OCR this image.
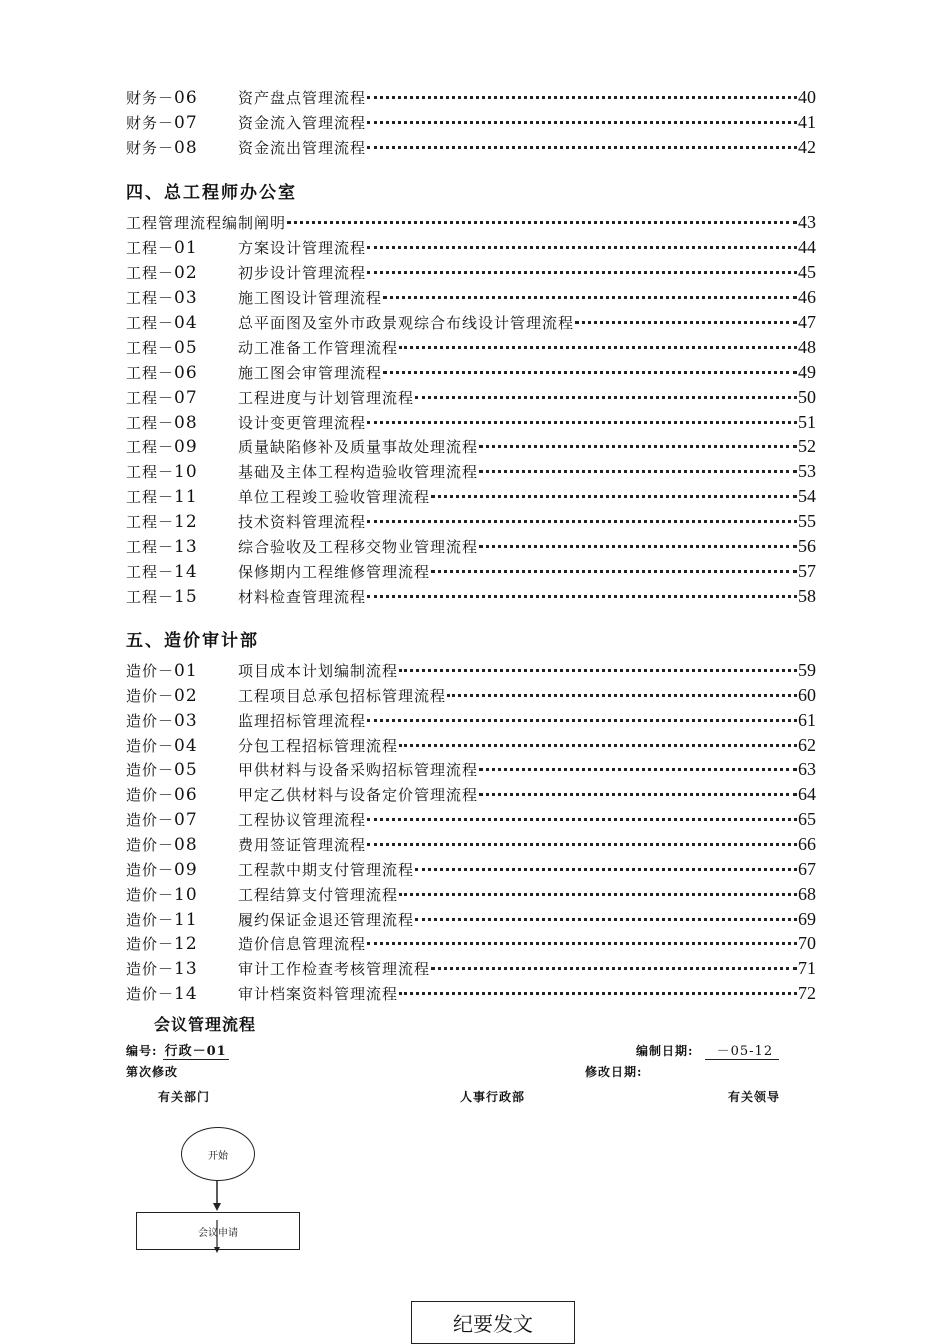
财务－06	资产盘点管理流程	40
财务－07	资金流入管理流程	41
财务－08	资金流出管理流程	42
四、总工程师办公室
工程管理流程编制阐明	43
工程－01	方案设计管理流程	44
工程－02	初步设计管理流程	45
工程－03	施工图设计管理流程	46
工程－04	总平面图及室外市政景观综合布线设计管理流程	47
工程－05	动工准备工作管理流程	48
工程－06	施工图会审管理流程	49
工程－07	工程进度与计划管理流程	50
工程－08	设计变更管理流程	51
工程－09	质量缺陷修补及质量事故处理流程	52
工程－10	基础及主体工程构造验收管理流程	53
工程－11	单位工程竣工验收管理流程	54
工程－12	技术资料管理流程	55
工程－13	综合验收及工程移交物业管理流程	56
工程－14	保修期内工程维修管理流程	57
工程－15	材料检查管理流程	58
五、造价审计部
造价－01	项目成本计划编制流程	59
造价－02	工程项目总承包招标管理流程	60
造价－03	监理招标管理流程	61
造价－04	分包工程招标管理流程	62
造价－05	甲供材料与设备采购招标管理流程	63
造价－06	甲定乙供材料与设备定价管理流程	64
造价－07	工程协议管理流程	65
造价－08	费用签证管理流程	66
造价－09	工程款中期支付管理流程	67
造价－10	工程结算支付管理流程	68
造价－11	履约保证金退还管理流程	69
造价－12	造价信息管理流程	70
造价－13	审计工作检查考核管理流程	71
造价－14	审计档案资料管理流程	72
会议管理流程
编号: 行政－01	编制日期: －05-12
第次修改	修改日期:
有关部门	人事行政部	有关领导
开始
会议申请
纪要发文
